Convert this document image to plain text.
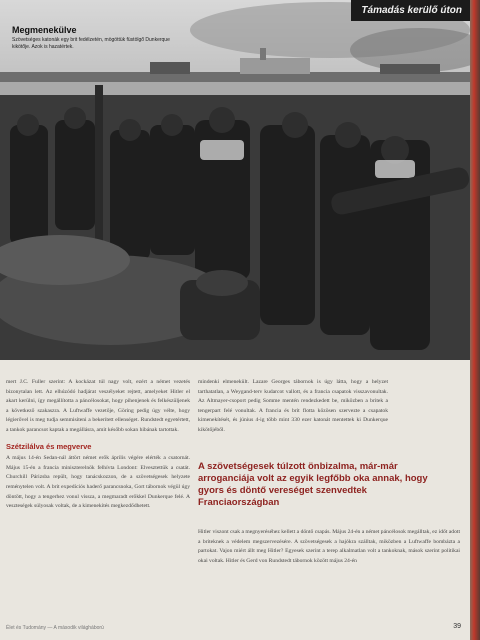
Támadás kerülő úton
Megmenekülve
Szövetséges katonák egy brit fedélzetén, mögöttük füstölgő Dunkerque kikötője. Azok is hazatértek.

mert J.C. Fuller szerint: A kockázat túl nagy volt, ezért a német vezetés bizonytalan lett. Az elhúzódó hadjárat veszélyeket rejtett, amelyeket Hitler el akart kerülni, így megállította a páncélosokat, hogy pihenjenek és felkészüljenek a következő szakaszra. A Luftwaffe vezetője, Göring pedig úgy vélte, hogy légierővel is meg tudja semmisíteni a bekerített ellenséget. Rundstedt egyetértett, a tankok parancsot kaptak a megállásra, amit később sokan hibának tartottak.

Szétzilálva és megverve

A május 14-én Sedan-nál áttört német erők április végére elérték a csatornát. Május 15-én a francia miniszterelnök felhívta Londont: Elvesztettük a csatát. Churchill Párizsba repült, hogy tanácskozzon, de a szövetségesek helyzete reménytelen volt. A brit expedíciós haderő parancsnoka, Gort tábornok végül úgy döntött, hogy a tengerhez vonul vissza, a megmaradt erőkkel Dunkerque felé. A veszteségek súlyosak voltak, de a kimenekítés megkezdődhetett.

mindenki elmenekült. Lazare Georges tábornok is úgy látta, hogy a helyzet tarthatatlan, a Weygand-terv kudarcot vallott, és a francia csapatok visszavonultak. Az Altmayer-csoport pedig Somme mentén rendezkedett be, miközben a britek a tengerpart felé vonultak. A francia és brit flotta közösen szervezte a csapatok kimenekítését, és június 4-ig több mint 330 ezer katonát mentettek ki Dunkerque kikötőjéből.

A szövetségesek túlzott önbizalma, már-már arroganciája volt az egyik legfőbb oka annak, hogy gyors és döntő vereséget szenvedtek Franciaországban

Hitler viszont csak a megnyeréséhez kellett a döntő csapás. Május 24-én a német páncélosok megálltak, ez időt adott a briteknek a védelem megszervezésére. A szövetségesek a hajókra szálltak, miközben a Luftwaffe bombázta a partokat. Vajon miért állt meg Hitler? Egyesek szerint a terep alkalmatlan volt a tankoknak, mások szerint politikai okai voltak. Hitler és Gerd von Rundstedt tábornok között május 24-én

Élet és Tudomány — A második világháború	39
